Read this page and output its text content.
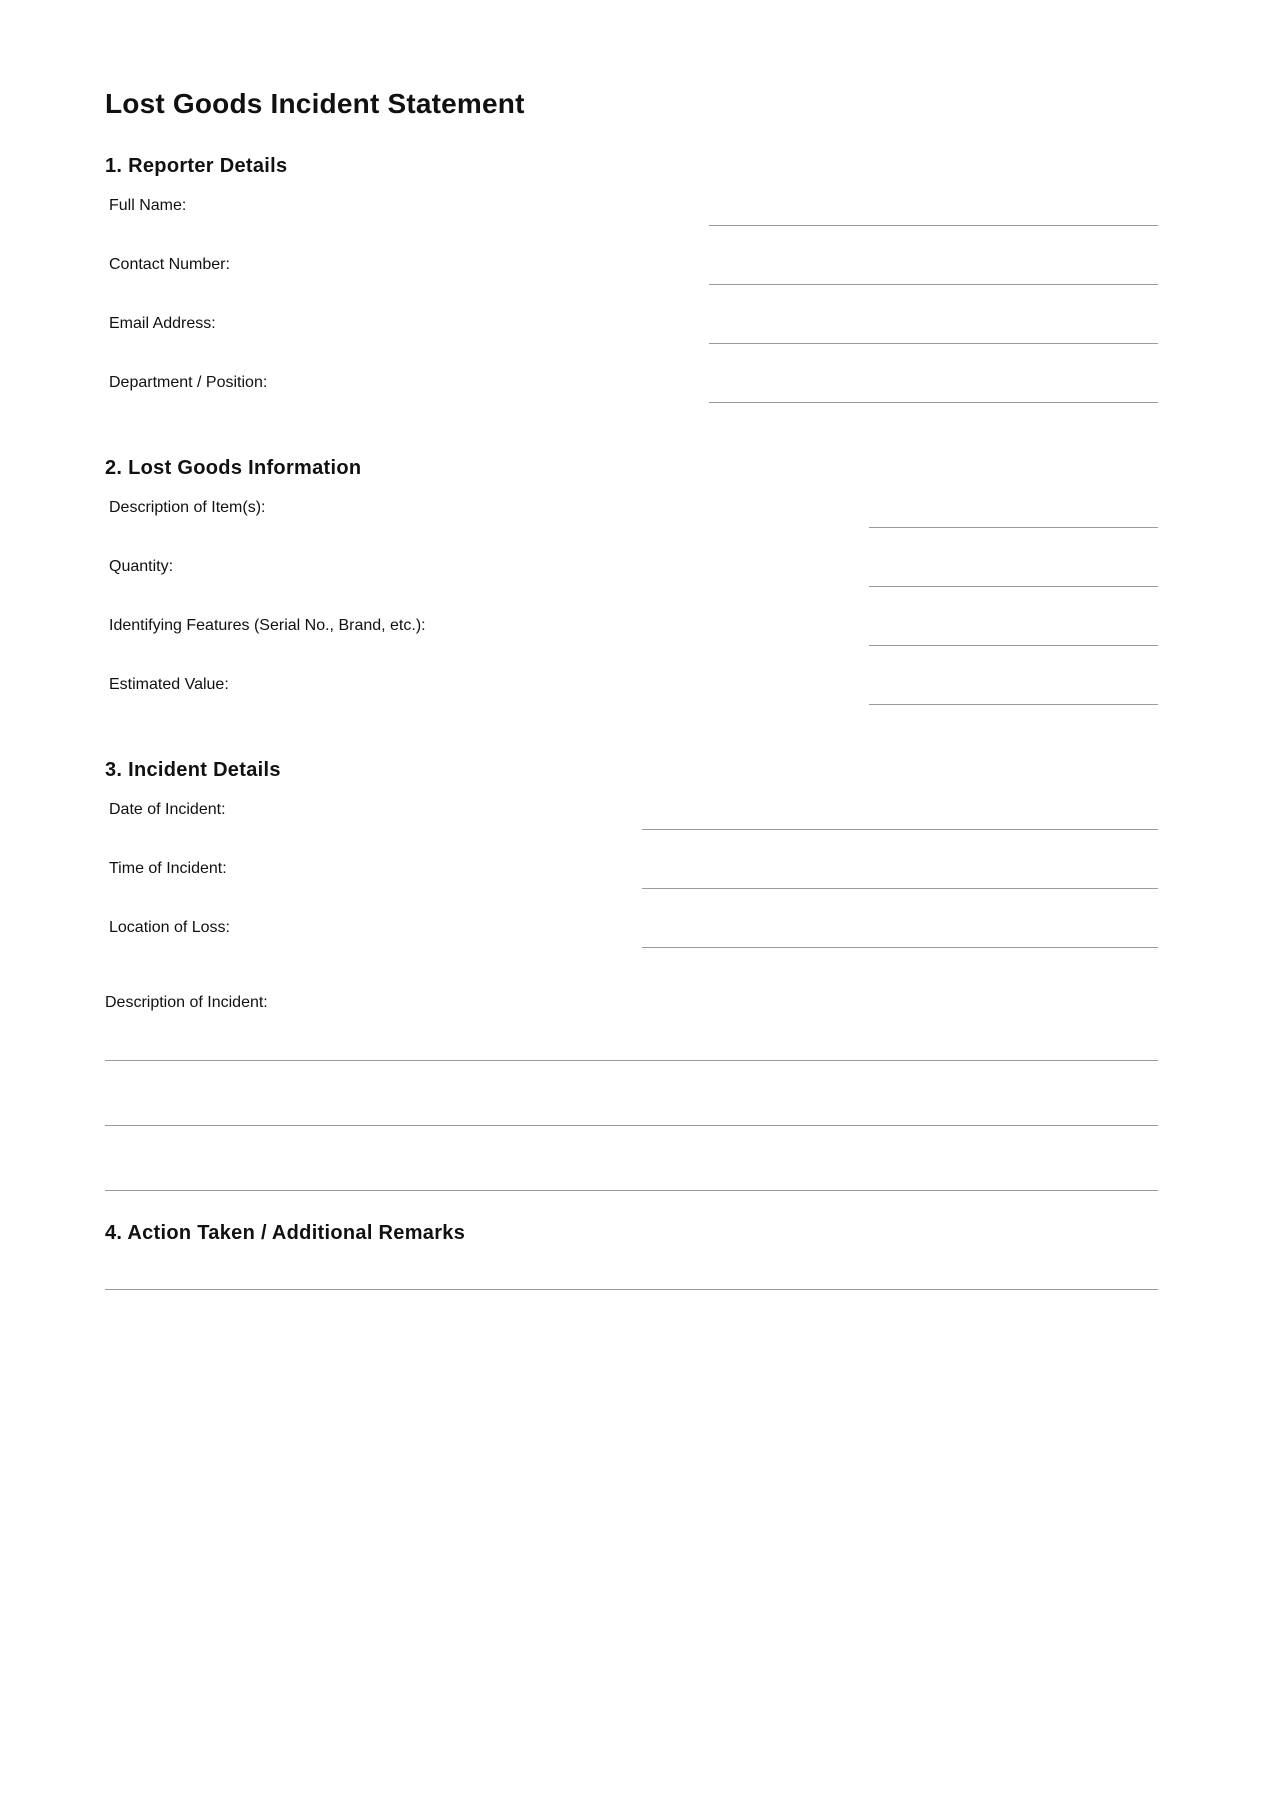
Lost Goods Incident Statement
1. Reporter Details
Full Name:
Contact Number:
Email Address:
Department / Position:
2. Lost Goods Information
Description of Item(s):
Quantity:
Identifying Features (Serial No., Brand, etc.):
Estimated Value:
3. Incident Details
Date of Incident:
Time of Incident:
Location of Loss:
Description of Incident:
4. Action Taken / Additional Remarks
